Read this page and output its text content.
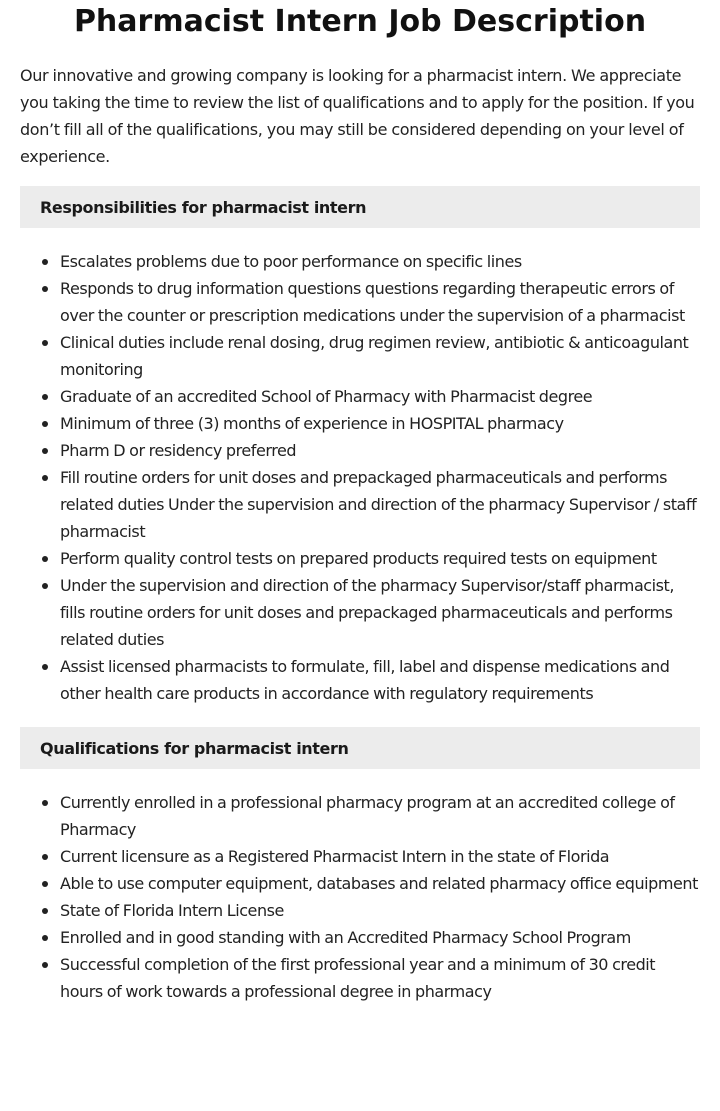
Pharmacist Intern Job Description

Our innovative and growing company is looking for a pharmacist intern. We appreciate you taking the time to review the list of qualifications and to apply for the position. If you don’t fill all of the qualifications, you may still be considered depending on your level of experience.

Responsibilities for pharmacist intern
Escalates problems due to poor performance on specific lines
Responds to drug information questions questions regarding therapeutic errors of over the counter or prescription medications under the supervision of a pharmacist
Clinical duties include renal dosing, drug regimen review, antibiotic & anticoagulant monitoring
Graduate of an accredited School of Pharmacy with Pharmacist degree
Minimum of three (3) months of experience in HOSPITAL pharmacy
Pharm D or residency preferred
Fill routine orders for unit doses and prepackaged pharmaceuticals and performs related duties Under the supervision and direction of the pharmacy Supervisor / staff pharmacist
Perform quality control tests on prepared products required tests on equipment
Under the supervision and direction of the pharmacy Supervisor/staff pharmacist, fills routine orders for unit doses and prepackaged pharmaceuticals and performs related duties
Assist licensed pharmacists to formulate, fill, label and dispense medications and other health care products in accordance with regulatory requirements
Qualifications for pharmacist intern
Currently enrolled in a professional pharmacy program at an accredited college of Pharmacy
Current licensure as a Registered Pharmacist Intern in the state of Florida
Able to use computer equipment, databases and related pharmacy office equipment
State of Florida Intern License
Enrolled and in good standing with an Accredited Pharmacy School Program
Successful completion of the first professional year and a minimum of 30 credit hours of work towards a professional degree in pharmacy
